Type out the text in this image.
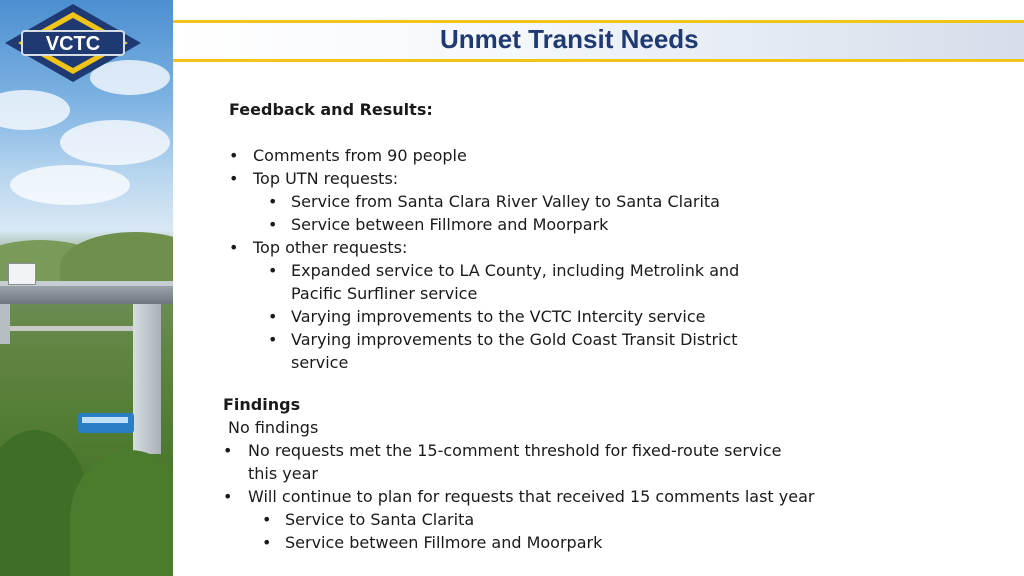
Unmet Transit Needs
VCTC
Feedback and Results:
• Comments from 90 people
• Top UTN requests:
• Service from Santa Clara River Valley to Santa Clarita
• Service between Fillmore and Moorpark
• Top other requests:
• Expanded service to LA County, including Metrolink and
Pacific Surfliner service
• Varying improvements to the VCTC Intercity service
• Varying improvements to the Gold Coast Transit District
service
Findings
No findings
• No requests met the 15-comment threshold for fixed-route service
this year
• Will continue to plan for requests that received 15 comments last year
• Service to Santa Clarita
• Service between Fillmore and Moorpark
